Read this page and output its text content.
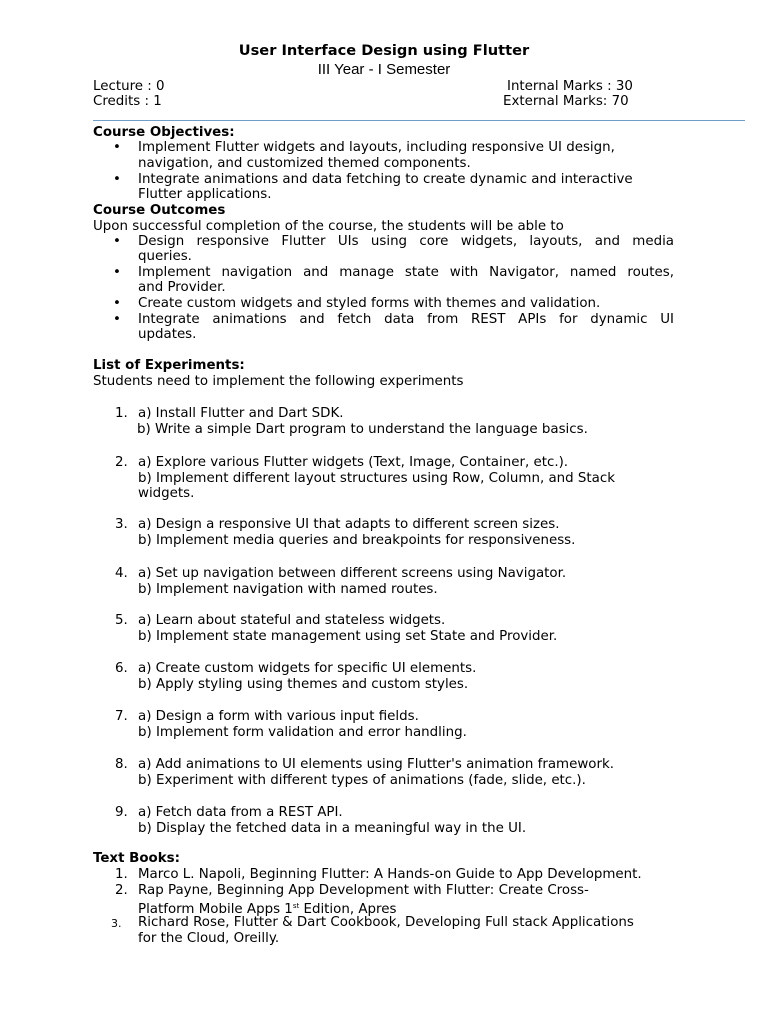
User Interface Design using Flutter
III Year - I Semester
Lecture : 0
Credits : 1
Internal Marks : 30
External Marks: 70
Course Objectives:
• Implement Flutter widgets and layouts, including responsive UI design,
navigation, and customized themed components.
• Integrate animations and data fetching to create dynamic and interactive
Flutter applications.
Course Outcomes
Upon successful completion of the course, the students will be able to
• Design responsive Flutter UIs using core widgets, layouts, and media
queries.
• Implement navigation and manage state with Navigator, named routes,
and Provider.
• Create custom widgets and styled forms with themes and validation.
• Integrate animations and fetch data from REST APIs for dynamic UI
updates.
List of Experiments:
Students need to implement the following experiments
1. a) Install Flutter and Dart SDK.
b) Write a simple Dart program to understand the language basics.
2. a) Explore various Flutter widgets (Text, Image, Container, etc.).
b) Implement different layout structures using Row, Column, and Stack
widgets.
3. a) Design a responsive UI that adapts to different screen sizes.
b) Implement media queries and breakpoints for responsiveness.
4. a) Set up navigation between different screens using Navigator.
b) Implement navigation with named routes.
5. a) Learn about stateful and stateless widgets.
b) Implement state management using set State and Provider.
6. a) Create custom widgets for specific UI elements.
b) Apply styling using themes and custom styles.
7. a) Design a form with various input fields.
b) Implement form validation and error handling.
8. a) Add animations to UI elements using Flutter's animation framework.
b) Experiment with different types of animations (fade, slide, etc.).
9. a) Fetch data from a REST API.
b) Display the fetched data in a meaningful way in the UI.
Text Books:
1. Marco L. Napoli, Beginning Flutter: A Hands-on Guide to App Development.
2. Rap Payne, Beginning App Development with Flutter: Create Cross-
Platform Mobile Apps 1st Edition, Apres
3. Richard Rose, Flutter & Dart Cookbook, Developing Full stack Applications
for the Cloud, Oreilly.
